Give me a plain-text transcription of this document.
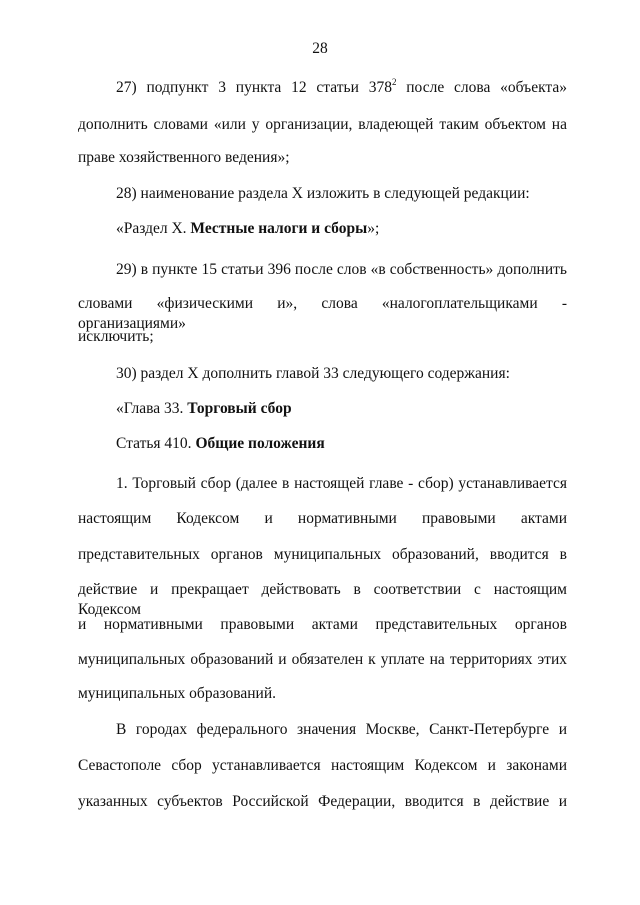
28
27) подпункт 3 пункта 12 статьи $378^2$ после слова «объекта»
дополнить словами «или у организации, владеющей таким объектом на
праве хозяйственного ведения»;
28) наименование раздела X изложить в следующей редакции:
«Раздел X. Местные налоги и сборы»;
29) в пункте 15 статьи 396 после слов «в собственность» дополнить
словами «физическими и», слова «налогоплательщиками - организациями»
исключить;
30) раздел X дополнить главой 33 следующего содержания:
«Глава 33. Торговый сбор
Статья 410. Общие положения
1. Торговый сбор (далее в настоящей главе - сбор) устанавливается
настоящим Кодексом и нормативными правовыми актами
представительных органов муниципальных образований, вводится в
действие и прекращает действовать в соответствии с настоящим Кодексом
и нормативными правовыми актами представительных органов
муниципальных образований и обязателен к уплате на территориях этих
муниципальных образований.
В городах федерального значения Москве, Санкт-Петербурге и
Севастополе сбор устанавливается настоящим Кодексом и законами
указанных субъектов Российской Федерации, вводится в действие и
